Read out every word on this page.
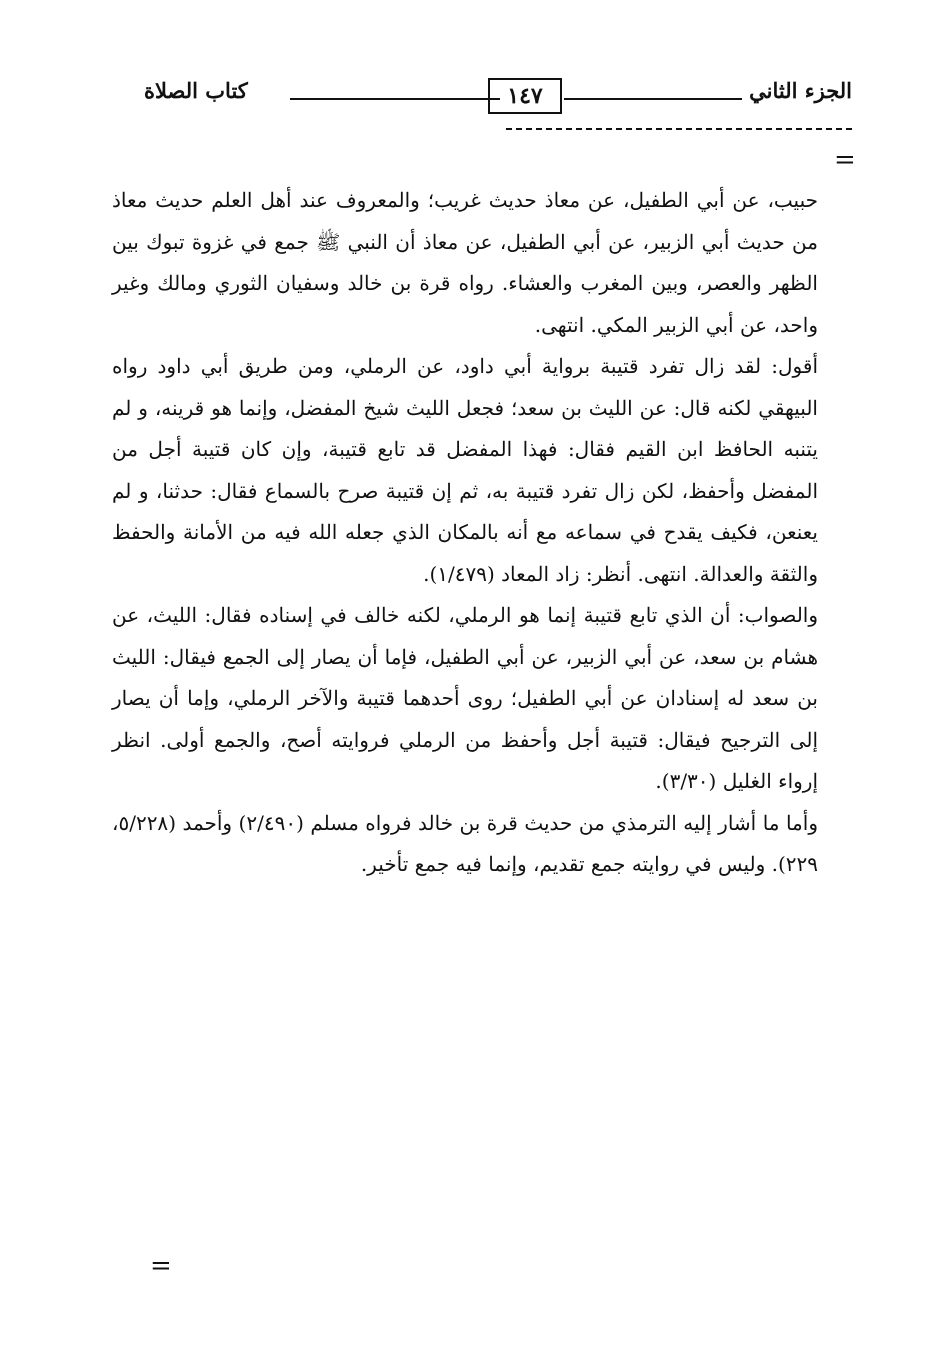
الجزء الثاني
١٤٧
كتاب الصلاة
=

حبيب، عن أبي الطفيل، عن معاذ حديث غريب؛ والمعروف عند أهل العلم حديث معاذ من حديث أبي الزبير، عن أبي الطفيل، عن معاذ أن النبي ﷺ جمع في غزوة تبوك بين الظهر والعصر، وبين المغرب والعشاء. رواه قرة بن خالد وسفيان الثوري ومالك وغير واحد، عن أبي الزبير المكي. انتهى.

أقول: لقد زال تفرد قتيبة برواية أبي داود، عن الرملي، ومن طريق أبي داود رواه البيهقي لكنه قال: عن الليث بن سعد؛ فجعل الليث شيخ المفضل، وإنما هو قرينه، و لم يتنبه الحافظ ابن القيم فقال: فهذا المفضل قد تابع قتيبة، وإن كان قتيبة أجل من المفضل وأحفظ، لكن زال تفرد قتيبة به، ثم إن قتيبة صرح بالسماع فقال: حدثنا، و لم يعنعن، فكيف يقدح في سماعه مع أنه بالمكان الذي جعله الله فيه من الأمانة والحفظ والثقة والعدالة. انتهى. أنظر: زاد المعاد (١/٤٧٩).

والصواب: أن الذي تابع قتيبة إنما هو الرملي، لكنه خالف في إسناده فقال: الليث، عن هشام بن سعد، عن أبي الزبير، عن أبي الطفيل، فإما أن يصار إلى الجمع فيقال: الليث بن سعد له إسنادان عن أبي الطفيل؛ روى أحدهما قتيبة والآخر الرملي، وإما أن يصار إلى الترجيح فيقال: قتيبة أجل وأحفظ من الرملي فروايته أصح، والجمع أولى. انظر إرواء الغليل (٣/٣٠).

وأما ما أشار إليه الترمذي من حديث قرة بن خالد فرواه مسلم (٢/٤٩٠) وأحمد (٥/٢٢٨، ٢٢٩). وليس في روايته جمع تقديم، وإنما فيه جمع تأخير.

=
